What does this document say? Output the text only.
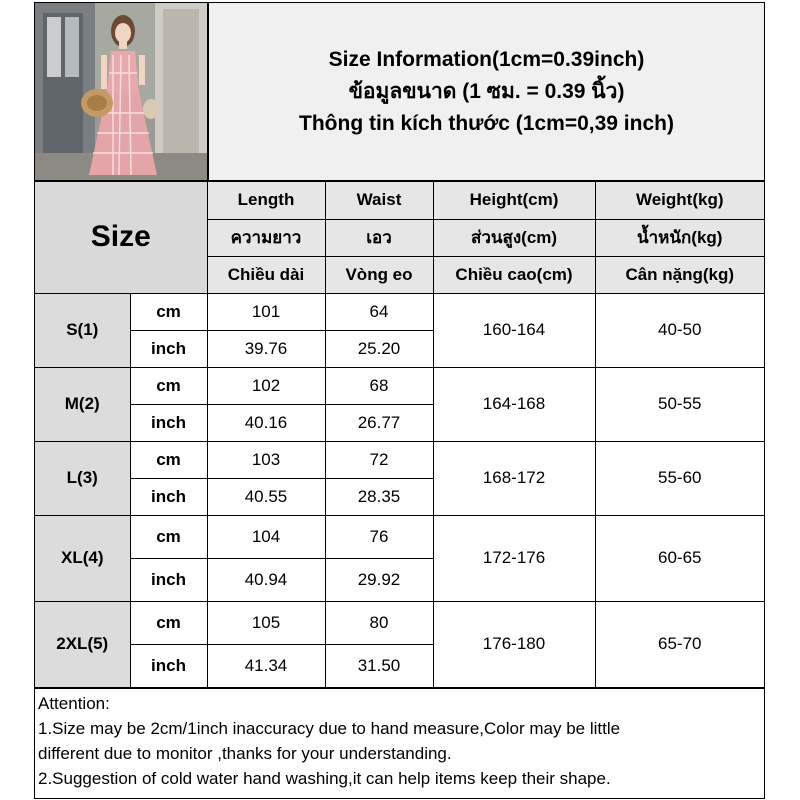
Size Information(1cm=0.39inch)
ข้อมูลขนาด (1 ซม. = 0.39 นิ้ว)
Thông tin kích thước (1cm=0,39 inch)
Size		Length	Waist	Height(cm)	Weight(kg)
		ความยาว	เอว	ส่วนสูง(cm)	น้ำหนัก(kg)
		Chiều dài	Vòng eo	Chiều cao(cm)	Cân nặng(kg)
S(1)	cm	101	64	160-164	40-50
	inch	39.76	25.20		
M(2)	cm	102	68	164-168	50-55
	inch	40.16	26.77		
L(3)	cm	103	72	168-172	55-60
	inch	40.55	28.35		
XL(4)	cm	104	76	172-176	60-65
	inch	40.94	29.92		
2XL(5)	cm	105	80	176-180	65-70
	inch	41.34	31.50		
Attention:
1.Size may be 2cm/1inch inaccuracy due to hand measure,Color may be little
different due to monitor ,thanks for your understanding.
2.Suggestion of cold water hand washing,it can help items keep their shape.
